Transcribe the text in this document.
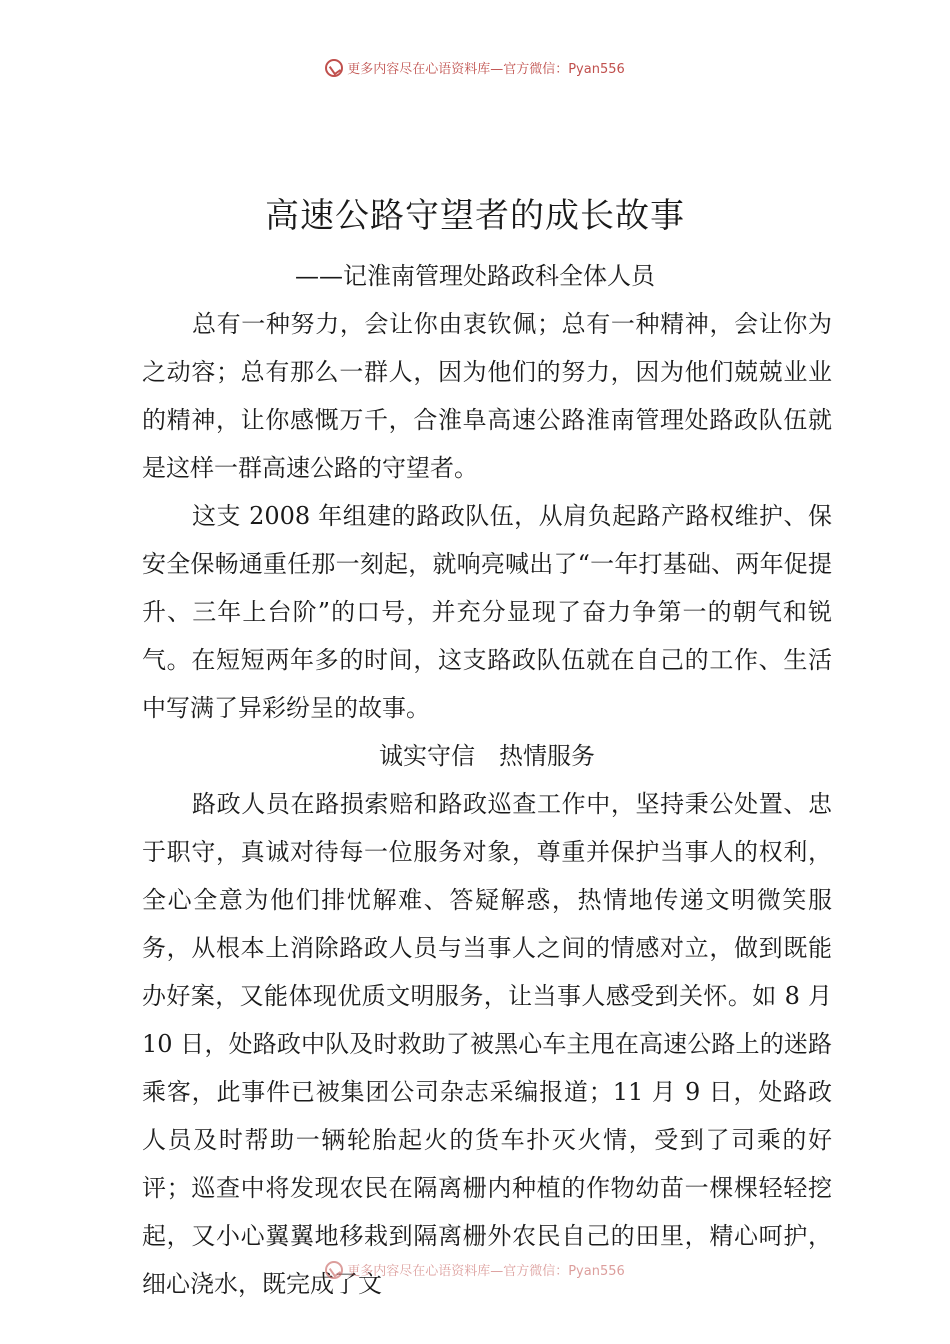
更多内容尽在心语资料库—官方微信：Pyan556
高速公路守望者的成长故事
——记淮南管理处路政科全体人员

总有一种努力，会让你由衷钦佩；总有一种精神，会让你为之动容；总有那么一群人，因为他们的努力，因为他们兢兢业业的精神，让你感慨万千，合淮阜高速公路淮南管理处路政队伍就是这样一群高速公路的守望者。

这支 2008 年组建的路政队伍，从肩负起路产路权维护、保安全保畅通重任那一刻起，就响亮喊出了“一年打基础、两年促提升、三年上台阶”的口号，并充分显现了奋力争第一的朝气和锐气。在短短两年多的时间，这支路政队伍就在自己的工作、生活中写满了异彩纷呈的故事。

诚实守信　热情服务

路政人员在路损索赔和路政巡查工作中，坚持秉公处置、忠于职守，真诚对待每一位服务对象，尊重并保护当事人的权利，全心全意为他们排忧解难、答疑解惑，热情地传递文明微笑服务，从根本上消除路政人员与当事人之间的情感对立，做到既能办好案，又能体现优质文明服务，让当事人感受到关怀。如 8 月 10 日，处路政中队及时救助了被黑心车主甩在高速公路上的迷路乘客，此事件已被集团公司杂志采编报道；11 月 9 日，处路政人员及时帮助一辆轮胎起火的货车扑灭火情，受到了司乘的好评；巡查中将发现农民在隔离栅内种植的作物幼苗一棵棵轻轻挖起，又小心翼翼地移栽到隔离栅外农民自己的田里，精心呵护，细心浇水，既完成了文

更多内容尽在心语资料库—官方微信：Pyan556
